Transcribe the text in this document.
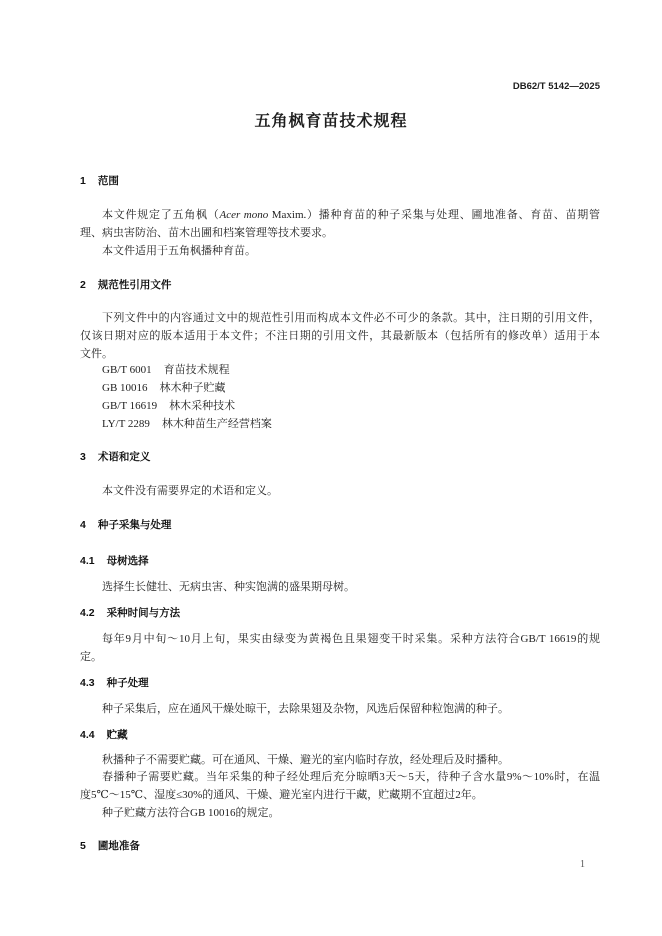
DB62/T 5142—2025
五角枫育苗技术规程
1 范围
本文件规定了五角枫（Acer mono Maxim.）播种育苗的种子采集与处理、圃地准备、育苗、苗期管
理、病虫害防治、苗木出圃和档案管理等技术要求。
本文件适用于五角枫播种育苗。
2 规范性引用文件
下列文件中的内容通过文中的规范性引用而构成本文件必不可少的条款。其中，注日期的引用文件，
仅该日期对应的版本适用于本文件；不注日期的引用文件，其最新版本（包括所有的修改单）适用于本
文件。
GB/T 6001 育苗技术规程
GB 10016 林木种子贮藏
GB/T 16619 林木采种技术
LY/T 2289 林木种苗生产经营档案
3 术语和定义
本文件没有需要界定的术语和定义。
4 种子采集与处理
4.1 母树选择
选择生长健壮、无病虫害、种实饱满的盛果期母树。
4.2 采种时间与方法
每年9月中旬～10月上旬，果实由绿变为黄褐色且果翅变干时采集。采种方法符合GB/T 16619的规
定。
4.3 种子处理
种子采集后，应在通风干燥处晾干，去除果翅及杂物，风选后保留种粒饱满的种子。
4.4 贮藏
秋播种子不需要贮藏。可在通风、干燥、避光的室内临时存放，经处理后及时播种。
春播种子需要贮藏。当年采集的种子经处理后充分晾晒3天～5天，待种子含水量9%～10%时，在温
度5℃～15℃、湿度≤30%的通风、干燥、避光室内进行干藏，贮藏期不宜超过2年。
种子贮藏方法符合GB 10016的规定。
5 圃地准备
1
